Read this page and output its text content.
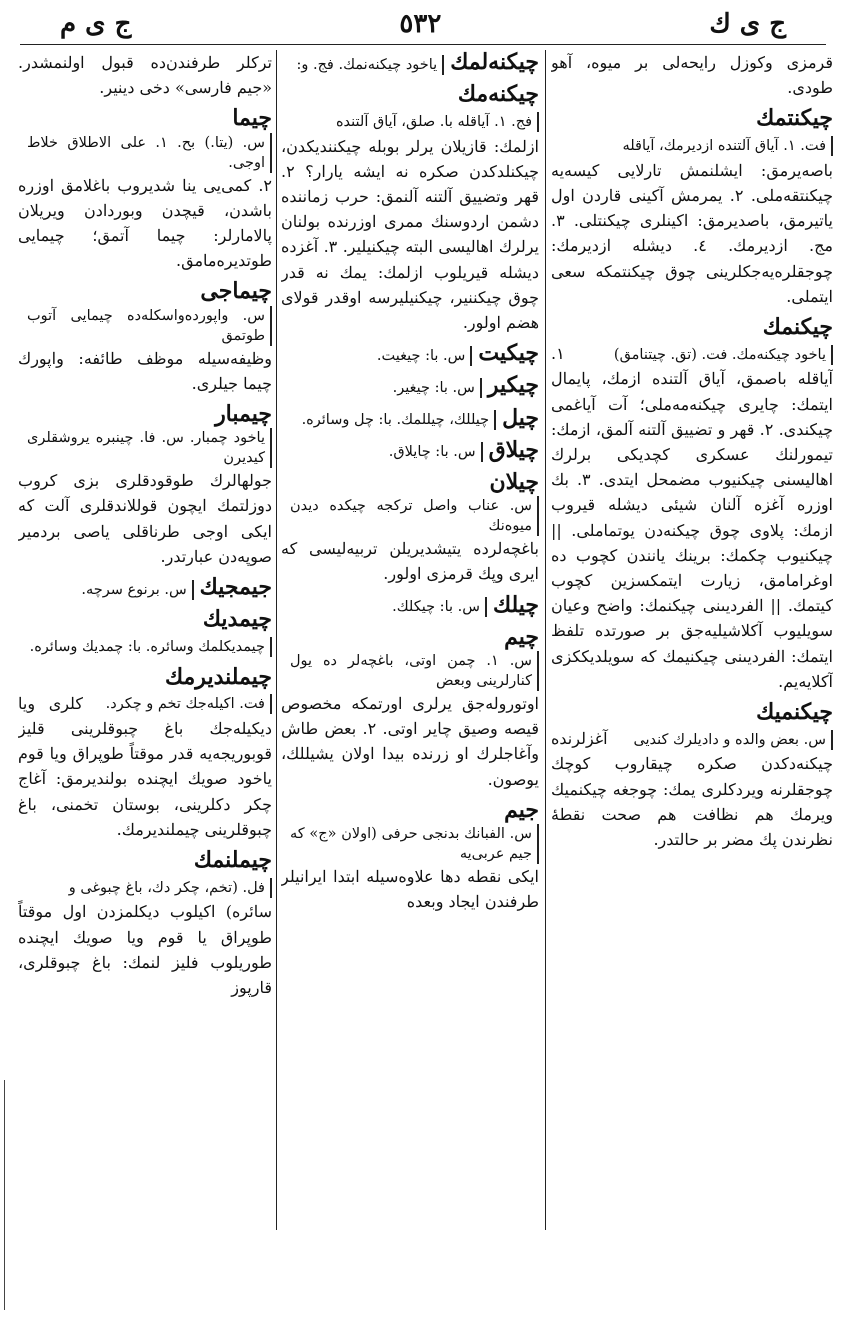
ج ى ك
٥٣٢
ج ى م
قرمزى وكوزل رايحه‌لى بر ميوه، آهو طودى.
چيكنتمكفت. ۱. آياق آلتنده ازديرمك، آياقله باصه‌يرمق: ايشلنمش تارلا‌يى كيسه‌يه چيكنتقه‌ملى. ۲. يمرمش آكينى قاردن اول ياتيرمق، باصديرمق: اكينلرى چيكنتلى. ۳. مج. ازديرمك. ٤. ديشله ازديرمك: چوجقلره‌يه‌جكلرينى چوق چيكنتمكه سعى ايتملى.
چيكنمكياخود چيكنه‌مك. فت. (تق. چيتنامق) ۱. آياقله باصمق، آياق آلتنده ازمك، پايمال ايتمك: چايرى چيكنه‌مه‌ملى؛ آت آياغمى چيكندى. ۲. قهر و تضييق آلتنه آلمق، ازمك: تيمورلنك عسكرى كچديكى برلرك اهاليسنى چيكنيوب مضمحل ايتدى. ۳. بك اوزره آغزه آلنان شيئى ديشله قيروب ازمك: پلاوى چوق چيكنه‌دن يوتماملى. || چيكنيوب چكمك: برينك يانندن كچوب ده اوغرامامق، زيارت ايتمكسزين كچوب كيتمك. || الفرديىنى چيكنمك: واضح وعيان سويليوب آكلاشيليه‌جق بر صورتده تلفظ ايتمك: الفرديىنى چيكنيمك كه سويلديككزى آكلايه‌يم.
چيكنميكس. بعض والده و داديلرك كنديى آغزلرنده چيكنه‌دكدن صكره چيقاروب كوچك چوجقلرنه ويردكلرى يمك: چوجغه چيكنميك ويرمك هم نظافت هم صحت نقطهٔ نظرندن پك مضر بر حالتدر.
چيكنه‌لمكياخود چيكنه‌نمك. فج. و:
چيكنه‌مكفج. ۱. آياقله با. صلق، آياق آلتنده ازلمك: قازيلان يرلر بوبله چيكننديكدن، چيكنلدكدن صكره نه ايشه يارار؟ ۲. قهر وتضييق آلتنه آلنمق: حرب زماننده دشمن اردوسنك ممرى اوزرنده بولنان يرلرك اهاليسى البته چيكنيلير. ۳. آغزده ديشله قيريلوب ازلمك: يمك نه قدر چوق چيكننير، چيكنيليرسه اوقدر قولاى هضم اولور.
چيكيتس. با: چيغيت.
چيكيرس. با: چيغير.
چيلچيللك، چيللمك. با: چل وسائره.
چيلاقس. با: چايلاق.
چيلانس. عناب واصل تركجه چيكده ديدن ميوه‌نك باغچه‌لرده يتيشديريلن تربيه‌ليسى كه ايرى وپك قرمزى اولور.
چيلكس. با: چيكلك.
چيمس. ۱. چمن اوتى، باغچه‌لر ده يول كنارلرينى وبعض اوتوروله‌جق يرلرى اورتمكه مخصوص قيصه وصيق چاير اوتى. ۲. بعض طاش وآغاجلرك او زرنده بيدا اولان يشيللك، يوصون.
جيمس. الفبانك بدنجى حرفى (اولان «ج» كه جيم عربى‌يه ايكى نقطه دها علاوه‌سيله ابتدا ايرانيلر طرفندن ايجاد وبعده
تركلر طرفندن‌ده قبول اولنمشدر. «جيم فارسى» دخى دينير.
چيماس. (يتا.) بح. ۱. على الاطلاق خلاط اوجى. ۲. كمى‌يى ينا شديروب باغلامق اوزره باشدن، قيچدن وبوردادن ويريلان پالامارلر: چيما آتمق؛ چيمايى طوتديره‌مامق.
چيماجىس. واپورده‌واسكله‌ده چيمايى آتوب طوتمق وظيفه‌سيله موظف طائفه: واپورك چيما جيلرى.
چيمبارياخود چمبار. س. فا. چينبره‌ يروشقلرى كيديرن جولهالرك طوقودقلرى بزى كروب دوزلتمك ايچون قوللاندقلرى آلت كه ايكى اوجى طرناقلى ياصى بردمير صوپه‌دن عبارتدر.
جيمجيكس. برنوع سرچه.
چيمديكچيمديكلمك وسائره. با: چمديك وسائره.
چيملنديرمكفت. اكيله‌جك تخم و چكرد. كلرى ويا ديكيله‌جك باغ چبوقلرينى قليز قوبوريجه‌يه قدر موقتاً طوپراق ويا قوم ياخود صويك ايچنده بولنديرمق: آغاج چكر دكلرينى، بوستان تخمنى، باغ چبوقلرينى چيملنديرمك.
چيملنمكفل. (تخم، چكر دك، باغ چبوغى و سائره) اكيلوب ديكلمزدن اول موقتاً طوپراق يا قوم ويا صويك ايچنده طوريلوب فليز لنمك: باغ چبوقلرى، قارپوز
